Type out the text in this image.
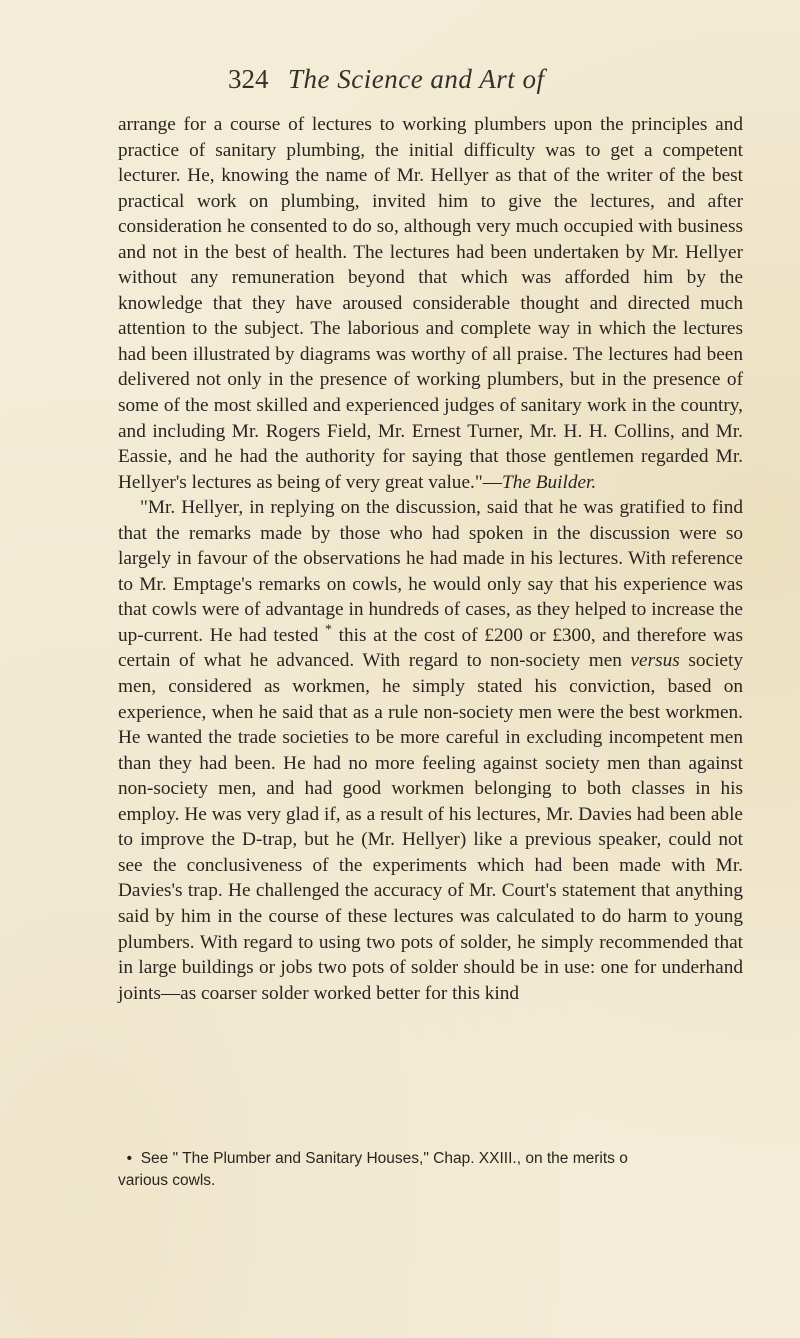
324 The Science and Art of

arrange for a course of lectures to working plumbers upon the principles and practice of sanitary plumbing, the initial difficulty was to get a competent lecturer. He, knowing the name of Mr. Hellyer as that of the writer of the best practical work on plumbing, invited him to give the lectures, and after consideration he consented to do so, although very much occupied with business and not in the best of health. The lectures had been undertaken by Mr. Hellyer without any remuneration beyond that which was afforded him by the knowledge that they have aroused considerable thought and directed much attention to the subject. The laborious and complete way in which the lectures had been illustrated by diagrams was worthy of all praise. The lectures had been delivered not only in the presence of working plumbers, but in the presence of some of the most skilled and experienced judges of sanitary work in the country, and including Mr. Rogers Field, Mr. Ernest Turner, Mr. H. H. Collins, and Mr. Eassie, and he had the authority for saying that those gentlemen regarded Mr. Hellyer's lectures as being of very great value."—The Builder.

"Mr. Hellyer, in replying on the discussion, said that he was gratified to find that the remarks made by those who had spoken in the discussion were so largely in favour of the observations he had made in his lectures. With reference to Mr. Emptage's remarks on cowls, he would only say that his experience was that cowls were of advantage in hundreds of cases, as they helped to increase the up-current. He had tested * this at the cost of £200 or £300, and therefore was certain of what he advanced. With regard to non-society men versus society men, considered as workmen, he simply stated his conviction, based on experience, when he said that as a rule non-society men were the best workmen. He wanted the trade societies to be more careful in excluding incompetent men than they had been. He had no more feeling against society men than against non-society men, and had good workmen belonging to both classes in his employ. He was very glad if, as a result of his lectures, Mr. Davies had been able to improve the D-trap, but he (Mr. Hellyer) like a previous speaker, could not see the conclusiveness of the experiments which had been made with Mr. Davies's trap. He challenged the accuracy of Mr. Court's statement that anything said by him in the course of these lectures was calculated to do harm to young plumbers. With regard to using two pots of solder, he simply recommended that in large buildings or jobs two pots of solder should be in use: one for underhand joints—as coarser solder worked better for this kind

• See " The Plumber and Sanitary Houses," Chap. XXIII., on the merits o

various cowls.
